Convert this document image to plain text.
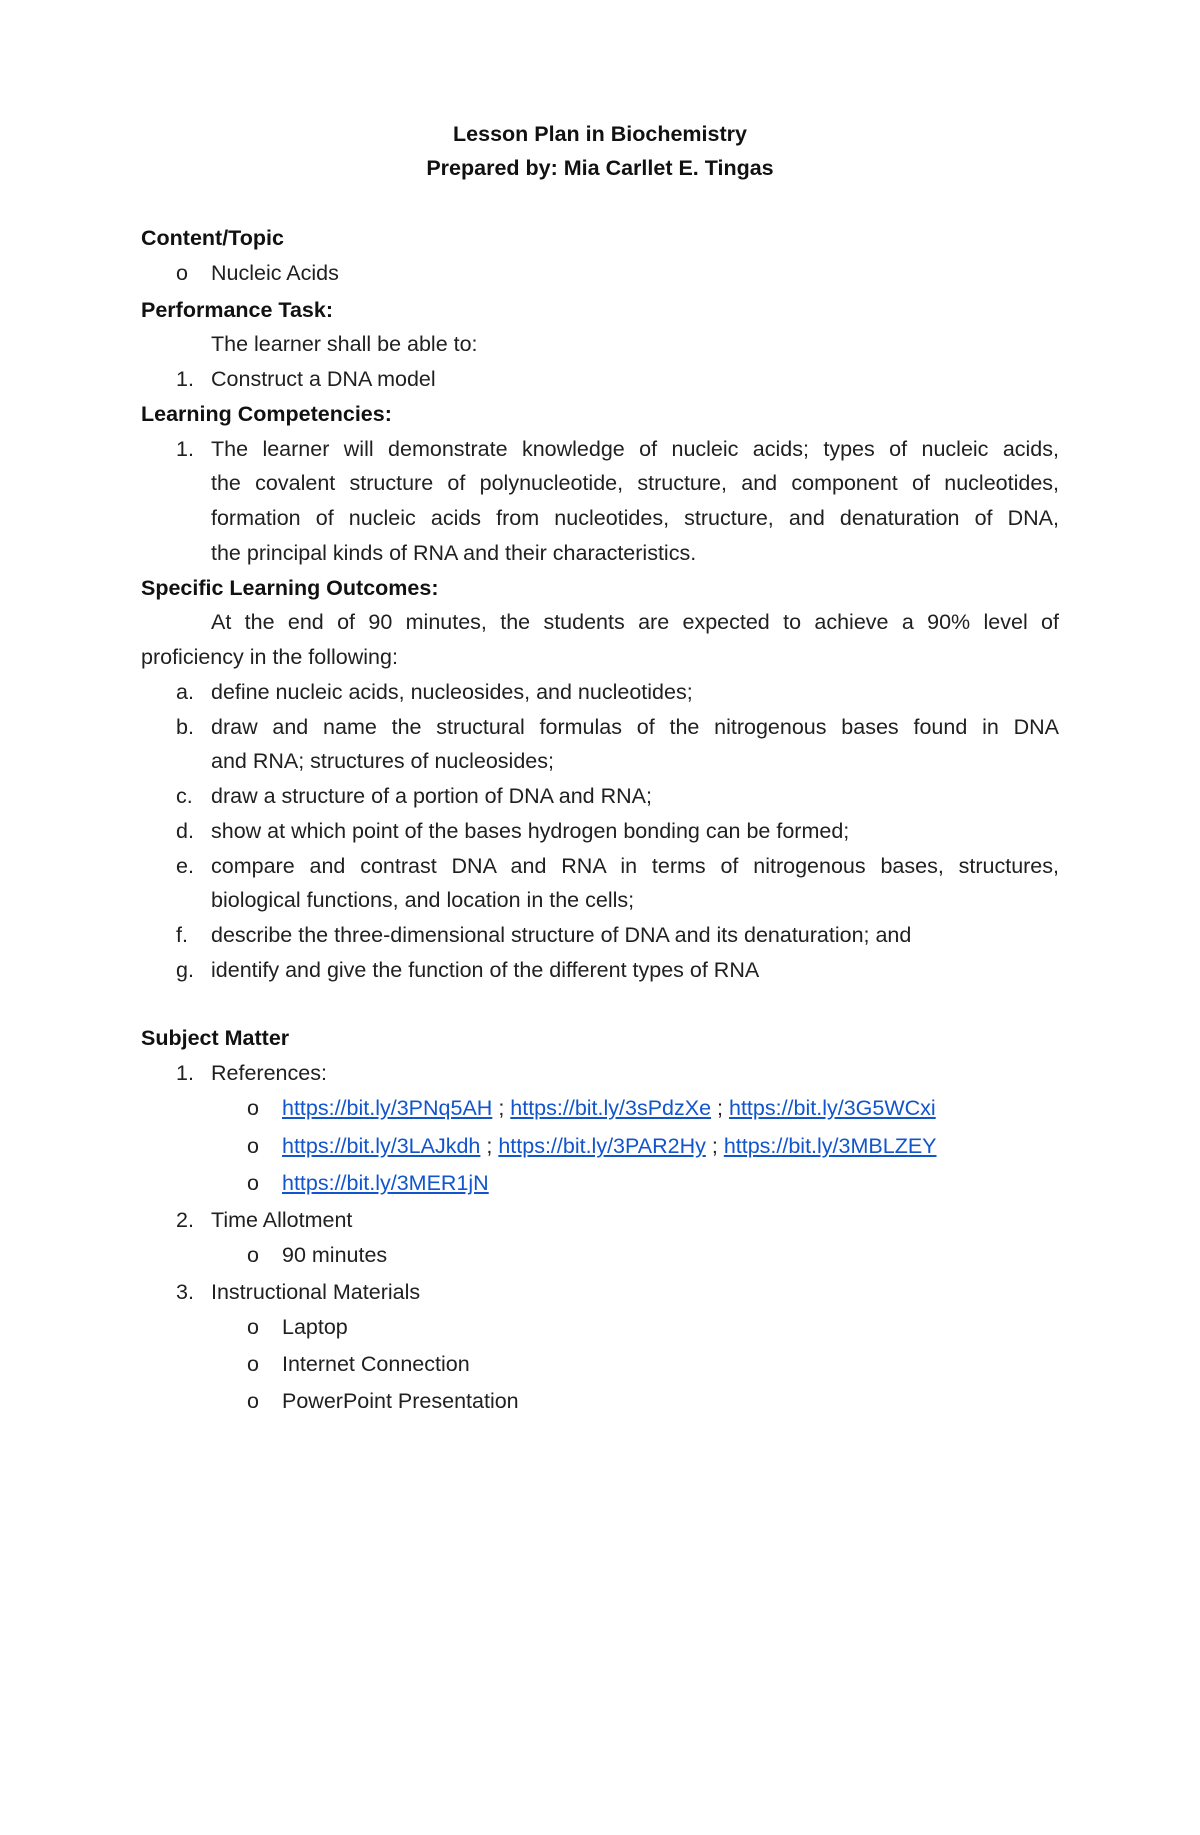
Lesson Plan in Biochemistry
Prepared by: Mia Carllet E. Tingas
Content/Topic
o Nucleic Acids
Performance Task:
The learner shall be able to:
1. Construct a DNA model
Learning Competencies:
1. The learner will demonstrate knowledge of nucleic acids; types of nucleic acids,
the covalent structure of polynucleotide, structure, and component of nucleotides,
formation of nucleic acids from nucleotides, structure, and denaturation of DNA,
the principal kinds of RNA and their characteristics.
Specific Learning Outcomes:
At the end of 90 minutes, the students are expected to achieve a 90% level of
proficiency in the following:
a. define nucleic acids, nucleosides, and nucleotides;
b. draw and name the structural formulas of the nitrogenous bases found in DNA
and RNA; structures of nucleosides;
c. draw a structure of a portion of DNA and RNA;
d. show at which point of the bases hydrogen bonding can be formed;
e. compare and contrast DNA and RNA in terms of nitrogenous bases, structures,
biological functions, and location in the cells;
f. describe the three-dimensional structure of DNA and its denaturation; and
g. identify and give the function of the different types of RNA
Subject Matter
1. References:
o https://bit.ly/3PNq5AH ; https://bit.ly/3sPdzXe ; https://bit.ly/3G5WCxi
o https://bit.ly/3LAJkdh ; https://bit.ly/3PAR2Hy ; https://bit.ly/3MBLZEY
o https://bit.ly/3MER1jN
2. Time Allotment
o 90 minutes
3. Instructional Materials
o Laptop
o Internet Connection
o PowerPoint Presentation
